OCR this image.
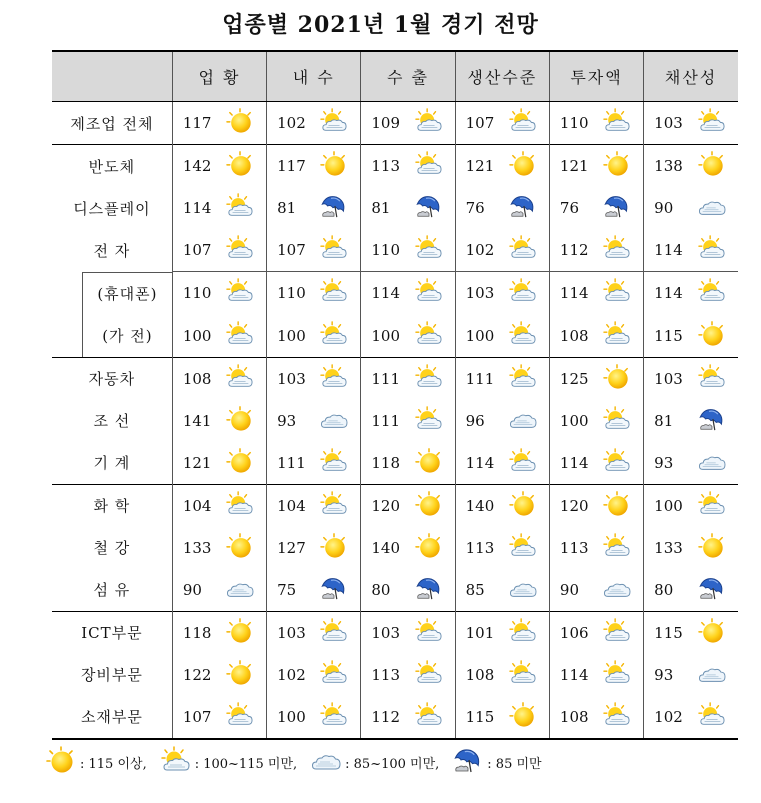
업종별 2021년 1월 경기 전망
	업 황	내 수	수 출	생산수준	투자액	채산성
제조업 전체	117	102	109	107	110	103

반도체	142	117	113	121	121	138

디스플레이	114	81	81	76	76	90

전 자	107	107	110	102	112	114

(휴대폰)	110	110	114	103	114	114

(가 전)	100	100	100	100	108	115

자동차	108	103	111	111	125	103

조 선	141	93	111	96	100	81

기 계	121	111	118	114	114	93

화 학	104	104	120	140	120	100

철 강	133	127	140	113	113	133

섬 유	90	75	80	85	90	80

ICT부문	118	103	103	101	106	115

장비부문	122	102	113	108	114	93

소재부문	107	100	112	115	108	102
: 115 이상,	: 100~115 미만,	: 85~100 미만,	: 85 미만
